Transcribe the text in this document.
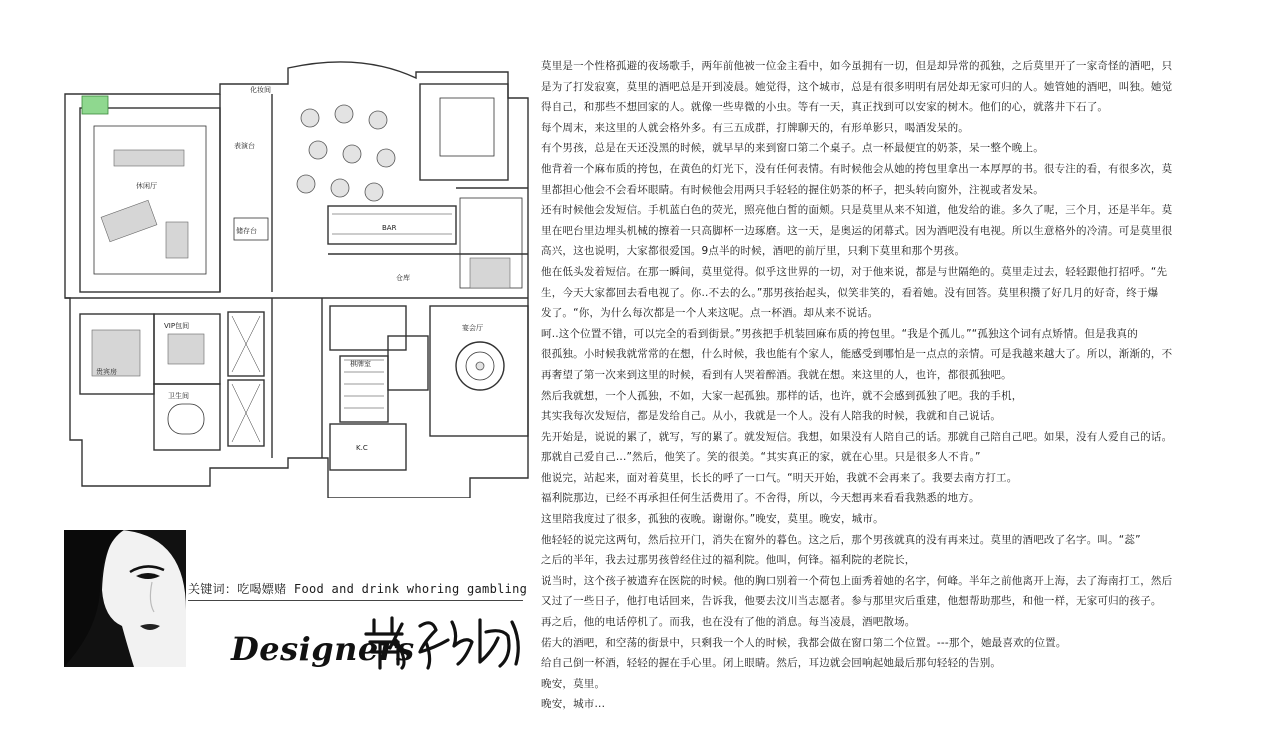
休闲厅
表演台
储存台	BAR
化妆间
仓库
棋牌室
宴会厅
贵宾房
卫生间
K.C
VIP包间
莫里是一个性格孤避的夜场歌手，两年前他被一位金主看中，如今虽拥有一切，但是却异常的孤独，之后莫里开了一家奇怪的酒吧，只
是为了打发寂寞，莫里的酒吧总是开到凌晨。她觉得，这个城市，总是有很多明明有居处却无家可归的人。她管她的酒吧，叫独。她觉
得自己，和那些不想回家的人。就像一些卑微的小虫。等有一天，真正找到可以安家的树木。他们的心，就落井下石了。
每个周末，来这里的人就会格外多。有三五成群，打牌聊天的，有形单影只，喝酒发呆的。
有个男孩，总是在天还没黑的时候，就早早的来到窗口第二个桌子。点一杯最便宜的奶茶，呆一整个晚上。
他背着一个麻布质的挎包，在黄色的灯光下，没有任何表情。有时候他会从她的挎包里拿出一本厚厚的书。很专注的看，有很多次，莫
里都担心他会不会看坏眼睛。有时候他会用两只手轻轻的握住奶茶的杯子，把头转向窗外，注视或者发呆。
还有时候他会发短信。手机蓝白色的荧光，照亮他白皙的面颊。只是莫里从来不知道，他发给的谁。多久了呢，三个月，还是半年。莫
里在吧台里边埋头机械的擦着一只高脚杯一边琢磨。这一天，是奥运的闭幕式。因为酒吧没有电视。所以生意格外的冷清。可是莫里很
高兴，这也说明，大家都很爱国。9点半的时候，酒吧的前厅里，只剩下莫里和那个男孩。
他在低头发着短信。在那一瞬间，莫里觉得。似乎这世界的一切，对于他来说，都是与世隔绝的。莫里走过去，轻轻跟他打招呼。“先
生，今天大家都回去看电视了。你..不去的么。”那男孩抬起头，似笑非笑的，看着她。没有回答。莫里积攒了好几月的好奇，终于爆
发了。“你，为什么每次都是一个人来这呢。点一杯酒。却从来不说话。
呵..这个位置不错，可以完全的看到街景。”男孩把手机装回麻布质的挎包里。“我是个孤儿。”“孤独这个词有点矫情。但是我真的
很孤独。小时候我就常常的在想，什么时候，我也能有个家人，能感受到哪怕是一点点的亲情。可是我越来越大了。所以，渐渐的，不
再奢望了第一次来到这里的时候，看到有人哭着醉酒。我就在想。来这里的人，也许，都很孤独吧。
然后我就想，一个人孤独，不如，大家一起孤独。那样的话，也许，就不会感到孤独了吧。我的手机，
其实我每次发短信，都是发给自己。从小，我就是一个人。没有人陪我的时候，我就和自己说话。
先开始是，说说的累了，就写，写的累了。就发短信。我想，如果没有人陪自己的话。那就自己陪自己吧。如果，没有人爱自己的话。
那就自己爱自己...”然后，他笑了。笑的很美。“其实真正的家，就在心里。只是很多人不肯。”
他说完，站起来，面对着莫里，长长的呼了一口气。“明天开始，我就不会再来了。我要去南方打工。
福利院那边，已经不再承担任何生活费用了。不舍得，所以，今天想再来看看我熟悉的地方。
这里陪我度过了很多，孤独的夜晚。谢谢你。”晚安，莫里。晚安，城市。
他轻轻的说完这两句，然后拉开门，消失在窗外的暮色。这之后，那个男孩就真的没有再来过。莫里的酒吧改了名字。叫。“蕊”
之后的半年，我去过那男孩曾经住过的福利院。他叫，何锋。福利院的老院长，
说当时，这个孩子被遗弃在医院的时候。他的胸口别着一个荷包上面秀着她的名字，何峰。半年之前他离开上海，去了海南打工，然后
又过了一些日子，他打电话回来，告诉我，他要去汶川当志愿者。参与那里灾后重建，他想帮助那些，和他一样，无家可归的孩子。
再之后，他的电话停机了。而我，也在没有了他的消息。每当凌晨，酒吧散场。
偌大的酒吧，和空荡的街景中，只剩我一个人的时候，我都会做在窗口第二个位置。---那个，她最喜欢的位置。
给自己倒一杯酒，轻轻的握在手心里。闭上眼睛。然后，耳边就会回响起她最后那句轻轻的告别。
晚安，莫里。
晚安，城市...
关键词：吃喝嫖赌 Food and drink whoring gambling
Designers
